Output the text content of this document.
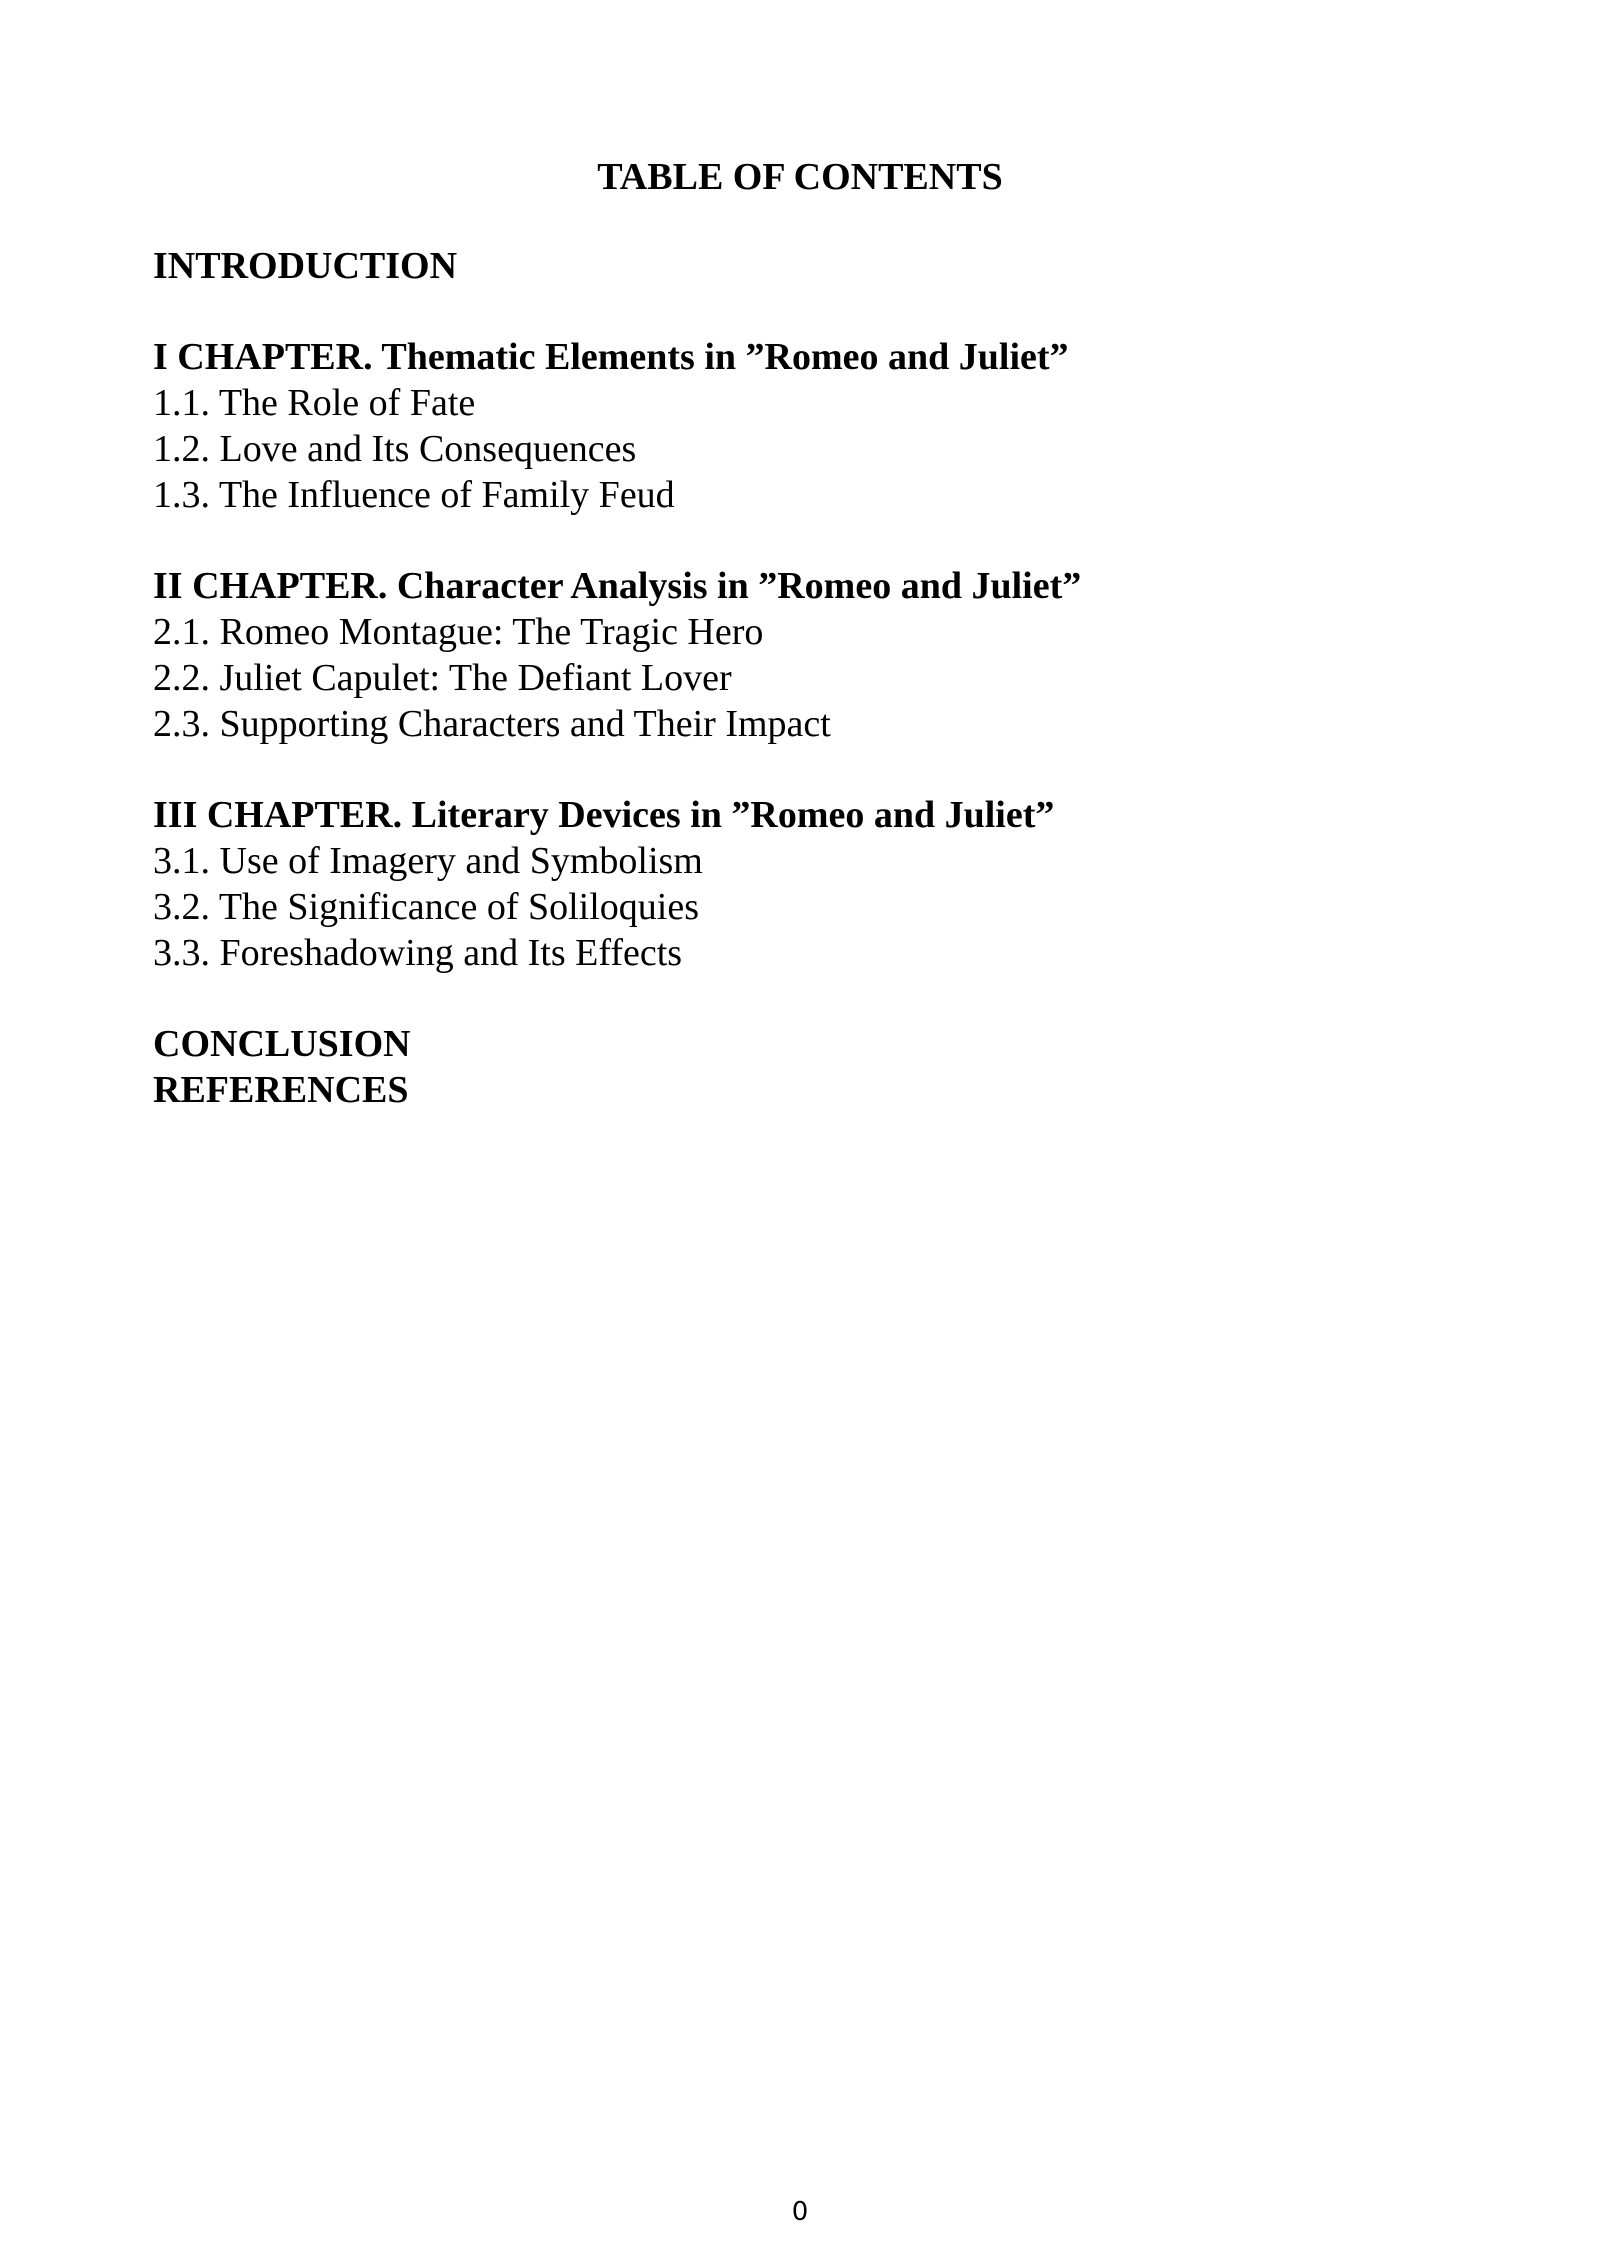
TABLE OF CONTENTS
INTRODUCTION
I CHAPTER. Thematic Elements in ”Romeo and Juliet”
1.1. The Role of Fate
1.2. Love and Its Consequences
1.3. The Influence of Family Feud
II CHAPTER. Character Analysis in ”Romeo and Juliet”
2.1. Romeo Montague: The Tragic Hero
2.2. Juliet Capulet: The Defiant Lover
2.3. Supporting Characters and Their Impact
III CHAPTER. Literary Devices in ”Romeo and Juliet”
3.1. Use of Imagery and Symbolism
3.2. The Significance of Soliloquies
3.3. Foreshadowing and Its Effects
CONCLUSION
REFERENCES
0
